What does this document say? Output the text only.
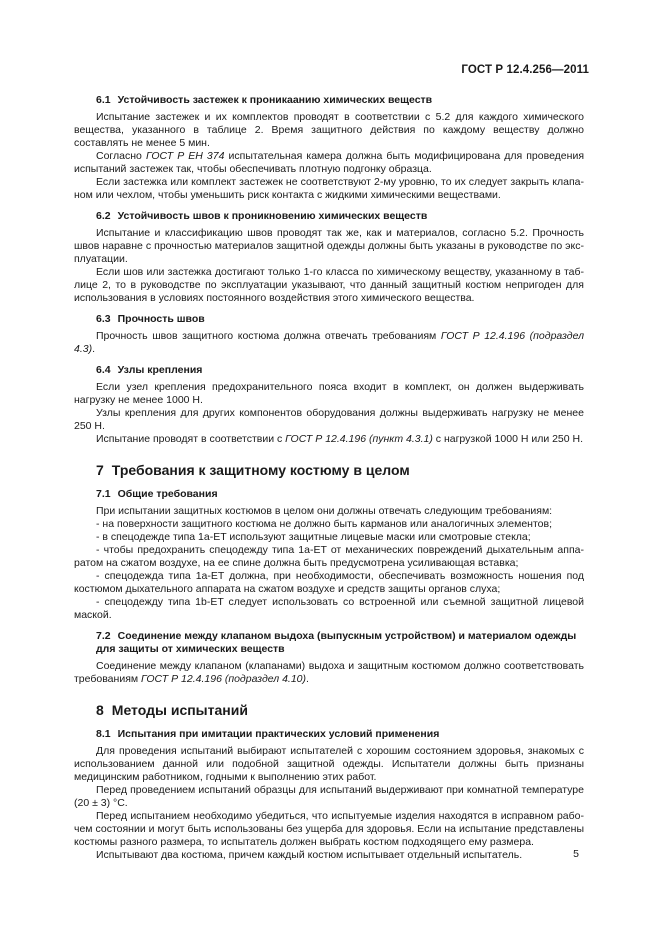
ГОСТ Р 12.4.256—2011
6.1 Устойчивость застежек к проникаанию химических веществ

Испытание застежек и их комплектов проводят в соответствии с 5.2 для каждого химического вещества, указанного в таблице 2. Время защитного действия по каждому веществу должно составлять не менее 5 мин.

Согласно ГОСТ Р ЕН 374 испытательная камера должна быть модифицирована для проведения испытаний застежек так, чтобы обеспечивать плотную подгонку образца.

Если застежка или комплект застежек не соответствуют 2-му уровню, то их следует закрыть клапаном или чехлом, чтобы уменьшить риск контакта с жидкими химическими веществами.

6.2 Устойчивость швов к проникновению химических веществ

Испытание и классификацию швов проводят так же, как и материалов, согласно 5.2. Прочность швов наравне с прочностью материалов защитной одежды должны быть указаны в руководстве по эксплуатации.

Если шов или застежка достигают только 1-го класса по химическому веществу, указанному в таблице 2, то в руководстве по эксплуатации указывают, что данный защитный костюм непригоден для использования в условиях постоянного воздействия этого химического вещества.

6.3 Прочность швов

Прочность швов защитного костюма должна отвечать требованиям ГОСТ Р 12.4.196 (подраздел 4.3).

6.4 Узлы крепления

Если узел крепления предохранительного пояса входит в комплект, он должен выдерживать нагрузку не менее 1000 Н.

Узлы крепления для других компонентов оборудования должны выдерживать нагрузку не менее 250 Н.

Испытание проводят в соответствии с ГОСТ Р 12.4.196 (пункт 4.3.1) с нагрузкой 1000 Н или 250 Н.

7 Требования к защитному костюму в целом
7.1 Общие требования

При испытании защитных костюмов в целом они должны отвечать следующим требованиям:

- на поверхности защитного костюма не должно быть карманов или аналогичных элементов;

- в спецодежде типа 1а-ET используют защитные лицевые маски или смотровые стекла;

- чтобы предохранить спецодежду типа 1а-ET от механических повреждений дыхательным аппаратом на сжатом воздухе, на ее спине должна быть предусмотрена усиливающая вставка;

- спецодежда типа 1а-ET должна, при необходимости, обеспечивать возможность ношения под костюмом дыхательного аппарата на сжатом воздухе и средств защиты органов слуха;

- спецодежду типа 1b-ET следует использовать со встроенной или съемной защитной лицевой маской.

7.2 Соединение между клапаном выдоха (выпускным устройством) и материалом одежды
для защиты от химических веществ

Соединение между клапаном (клапанами) выдоха и защитным костюмом должно соответствовать требованиям ГОСТ Р 12.4.196 (подраздел 4.10).

8 Методы испытаний
8.1 Испытания при имитации практических условий применения

Для проведения испытаний выбирают испытателей с хорошим состоянием здоровья, знакомых с использованием данной или подобной защитной одежды. Испытатели должны быть признаны медицинским работником, годными к выполнению этих работ.

Перед проведением испытаний образцы для испытаний выдерживают при комнатной температуре (20 ± 3) °С.

Перед испытанием необходимо убедиться, что испытуемые изделия находятся в исправном рабочем состоянии и могут быть использованы без ущерба для здоровья. Если на испытание представлены костюмы разного размера, то испытатель должен выбрать костюм подходящего ему размера.

Испытывают два костюма, причем каждый костюм испытывает отдельный испытатель.	5
